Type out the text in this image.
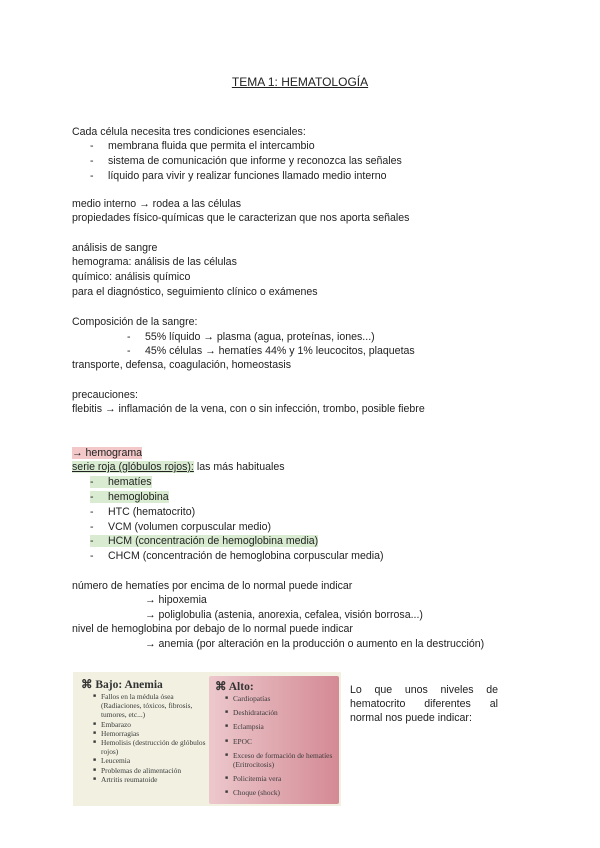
TEMA 1: HEMATOLOGÍA
Cada célula necesita tres condiciones esenciales:
- membrana fluida que permita el intercambio
- sistema de comunicación que informe y reconozca las señales
- líquido para vivir y realizar funciones llamado medio interno
medio interno → rodea a las células
propiedades físico-químicas que le caracterizan que nos aporta señales
análisis de sangre
hemograma: análisis de las células
químico: análisis químico
para el diagnóstico, seguimiento clínico o exámenes
Composición de la sangre:
- 55% líquido → plasma (agua, proteínas, iones...)
- 45% células → hematíes 44% y 1% leucocitos, plaquetas
transporte, defensa, coagulación, homeostasis
precauciones:
flebitis → inflamación de la vena, con o sin infección, trombo, posible fiebre
→ hemograma
serie roja (glóbulos rojos): las más habituales
- hematíes
- hemoglobina
- HTC (hematocrito)
- VCM (volumen corpuscular medio)
- HCM (concentración de hemoglobina media)
- CHCM (concentración de hemoglobina corpuscular media)
número de hematíes por encima de lo normal puede indicar
→ hipoxemia
→ poliglobulia (astenia, anorexia, cefalea, visión borrosa...)
nivel de hemoglobina por debajo de lo normal puede indicar
→ anemia (por alteración en la producción o aumento en la destrucción)
⌘ Bajo: Anemia
■ Fallos en la médula ósea (Radiaciones, tóxicos, fibrosis, tumores, etc...)
■ Embarazo
■ Hemorragias
■ Hemolisis (destrucción de glóbulos rojos)
■ Leucemia
■ Problemas de alimentación
■ Artritis reumatoide
⌘ Alto:
■ Cardiopatías
■ Deshidratación
■ Eclampsia
■ EPOC
■ Exceso de formación de hematíes (Eritrocitosis)
■ Policitemia vera
■ Choque (shock)
Lo que unos niveles de hematocrito diferentes al normal nos puede indicar:
